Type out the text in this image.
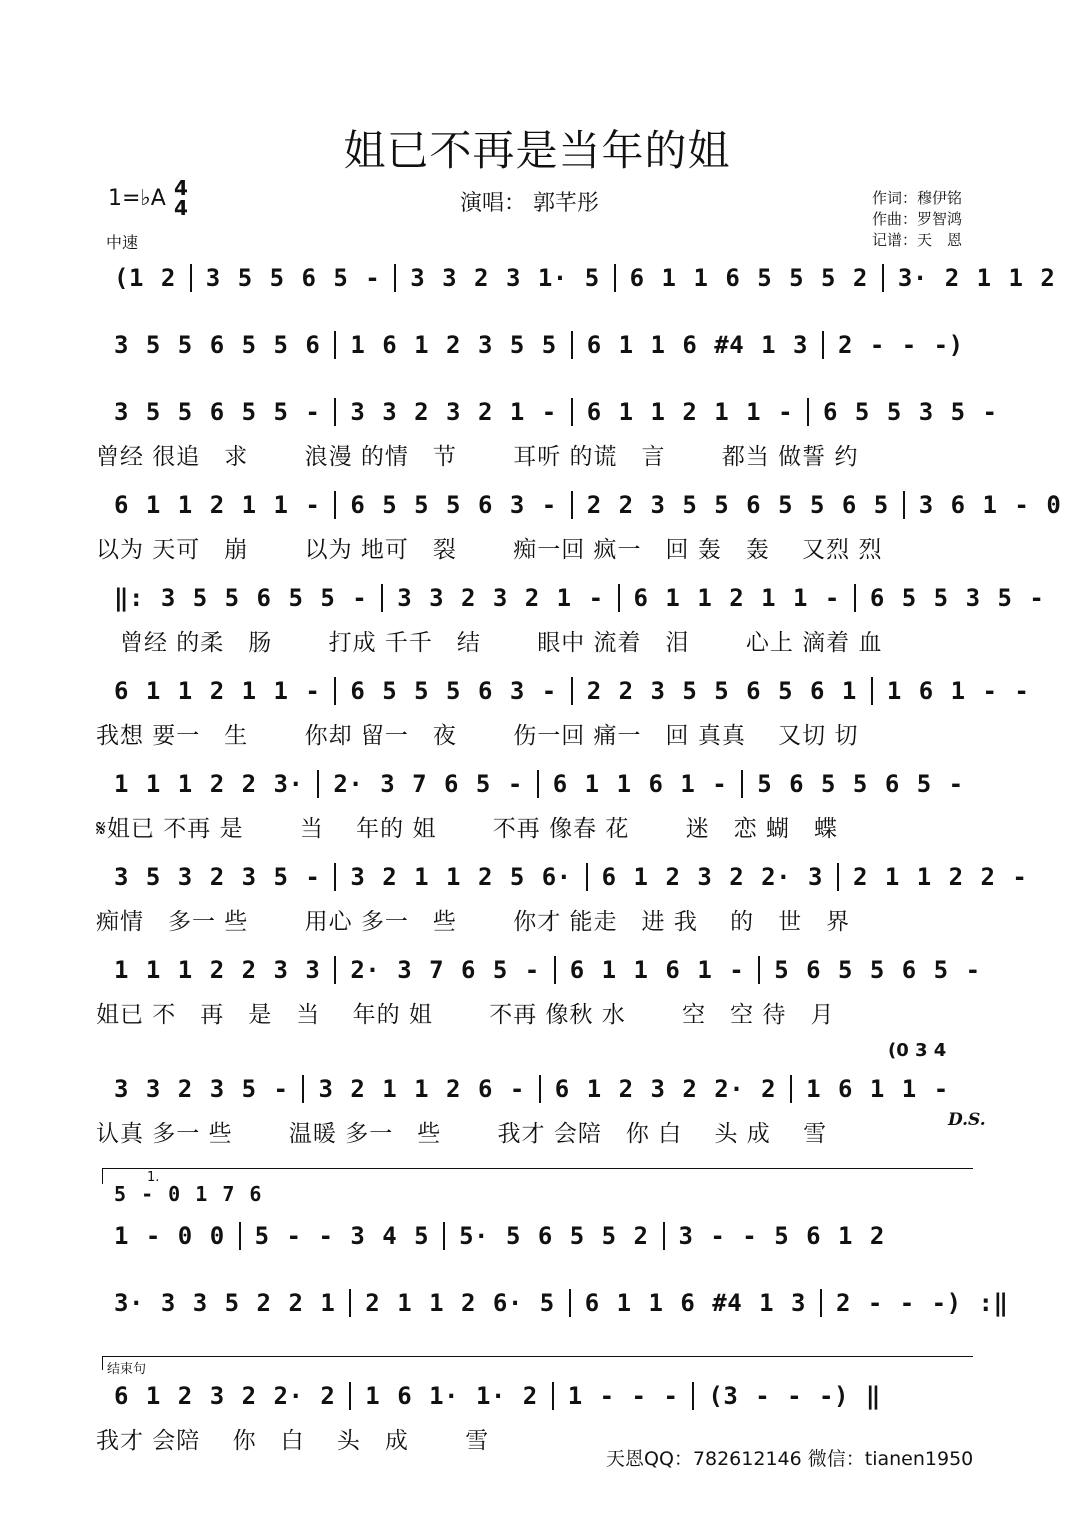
姐已不再是当年的姐
1=♭A 4
4
中速
演唱： 郭芊彤	作词：穆伊铭
作曲：罗智鸿
记谱：天　恩
(1 2 3 5 5 6 5 - 3 3 2 3 1· 5 6 1 1 6 5 5 5 2 3· 2 1 1 2
3 5 5 6 5 5 6 1 6 1 2 3 5 5 6 1 1 6 #4 1 3 2 - - -)
3 5 5 6 5 5 - 3 3 2 3 2 1 - 6 1 1 2 1 1 - 6 5 5 3 5 -
曾经 很追　求　　 浪漫 的情　节　　 耳听 的谎　言　　 都当 做誓 约
6 1 1 2 1 1 - 6 5 5 5 6 3 - 2 2 3 5 5 6 5 5 6 5 3 6 1 - 0
以为 天可　崩　　 以为 地可　裂　　 痴一回 疯一　回 轰　轰　 又烈 烈
‖: 3 5 5 6 5 5 - 3 3 2 3 2 1 - 6 1 1 2 1 1 - 6 5 5 3 5 -
　曾经 的柔　肠　　 打成 千千　结　　 眼中 流着　泪　　 心上 滴着 血
6 1 1 2 1 1 - 6 5 5 5 6 3 - 2 2 3 5 5 6 5 6 1 1 6 1 - -
我想 要一　生　　 你却 留一　夜　　 伤一回 痛一　回 真真　 又切 切
1 1 1 2 2 3· 2· 3 7 6 5 - 6 1 1 6 1 - 5 6 5 5 6 5 -
𝄋姐已 不再 是　　 当　 年的 姐　　 不再 像春 花　　 迷　恋 蝴　蝶
3 5 3 2 3 5 - 3 2 1 1 2 5 6· 6 1 2 3 2 2· 3 2 1 1 2 2 -
痴情　多一 些　　 用心 多一　些　　 你才 能走　进 我　 的　世　界
1 1 1 2 2 3 3 2· 3 7 6 5 - 6 1 1 6 1 - 5 6 5 5 6 5 -
姐已 不　再　是　当　 年的 姐　　 不再 像秋 水　　 空　空 待　月
(0 3 4
3 3 2 3 5 - 3 2 1 1 2 6 - 6 1 2 3 2 2· 2 1 6 1 1 -
认真 多一 些　　 温暖 多一　些　　 我才 会陪　你 白　 头 成　 雪
D.S.
1.
5 - 0 1 7 6
1 - 0 0 5 - - 3 4 5 5· 5 6 5 5 2 3 - - 5 6 1 2
3· 3 3 5 2 2 1 2 1 1 2 6· 5 6 1 1 6 #4 1 3 2 - - -) :‖
结束句
6 1 2 3 2 2· 2 1 6 1· 1· 2 1 - - - (3 - - -) ‖
我才 会陪　 你　白　 头　成　　 雪
天恩QQ：782612146 微信：tianen1950
